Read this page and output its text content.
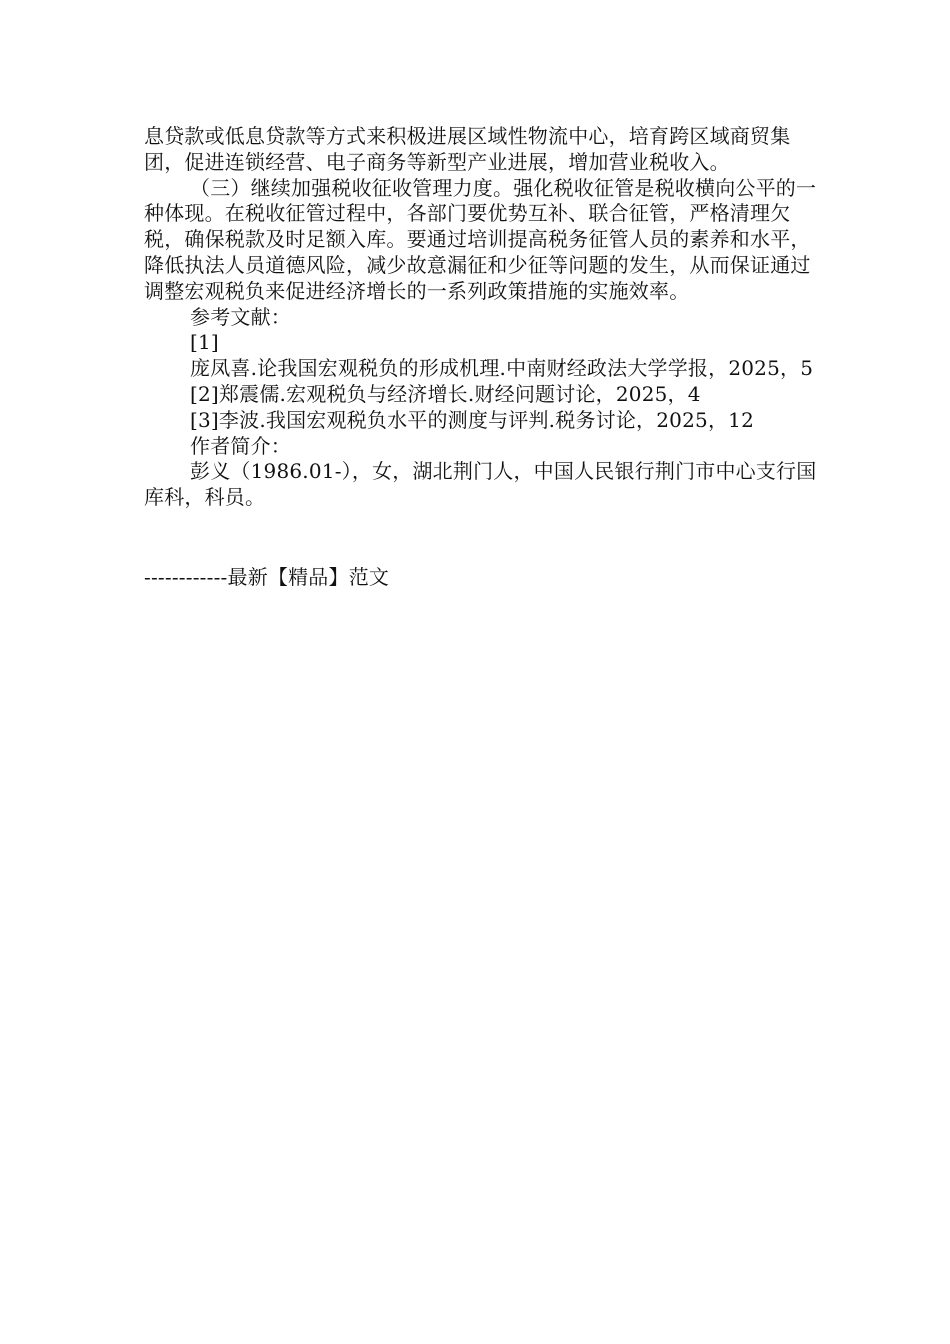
息贷款或低息贷款等方式来积极进展区域性物流中心，培育跨区域商贸集团，促进连锁经营、电子商务等新型产业进展，增加营业税收入。

（三）继续加强税收征收管理力度。强化税收征管是税收横向公平的一种体现。在税收征管过程中，各部门要优势互补、联合征管，严格清理欠税，确保税款及时足额入库。要通过培训提高税务征管人员的素养和水平，降低执法人员道德风险，减少故意漏征和少征等问题的发生，从而保证通过调整宏观税负来促进经济增长的一系列政策措施的实施效率。

参考文献：

[1]

庞凤喜.论我国宏观税负的形成机理.中南财经政法大学学报，2025，5

[2]郑震儒.宏观税负与经济增长.财经问题讨论，2025，4

[3]李波.我国宏观税负水平的测度与评判.税务讨论，2025，12

作者简介：

彭义（1986.01-），女，湖北荆门人，中国人民银行荆门市中心支行国库科，科员。

------------最新【精品】范文
